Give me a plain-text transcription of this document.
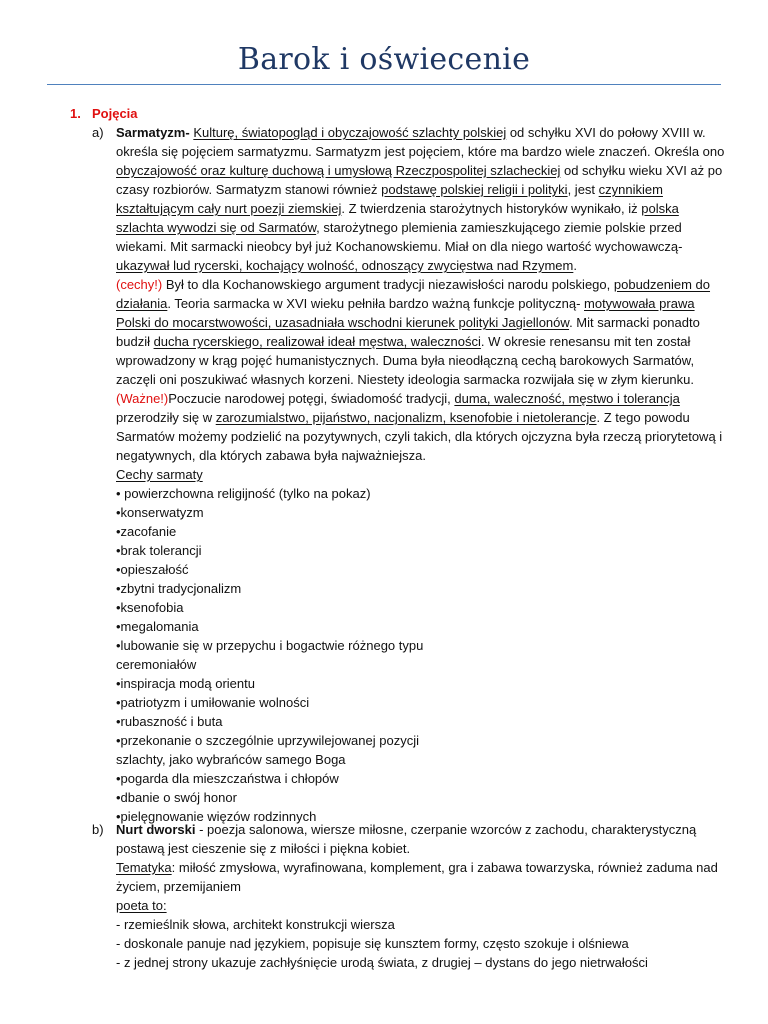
Barok i oświecenie
1. Pojęcia
a) Sarmatyzm- Kulturę, światopogląd i obyczajowość szlachty polskiej od schyłku XVI do połowy XVIII w. określa się pojęciem sarmatyzmu. Sarmatyzm jest pojęciem, które ma bardzo wiele znaczeń. Określa ono obyczajowość oraz kulturę duchową i umysłową Rzeczpospolitej szlacheckiej od schyłku wieku XVI aż po czasy rozbiorów. Sarmatyzm stanowi również podstawę polskiej religii i polityki, jest czynnikiem kształtującym cały nurt poezji ziemskiej. Z twierdzenia starożytnych historyków wynikało, iż polska szlachta wywodzi się od Sarmatów, starożytnego plemienia zamieszkującego ziemie polskie przed wiekami. Mit sarmacki nieobcy był już Kochanowskiemu. Miał on dla niego wartość wychowawczą- ukazywał lud rycerski, kochający wolność, odnoszący zwycięstwa nad Rzymem.
(cechy!) Był to dla Kochanowskiego argument tradycji niezawisłości narodu polskiego, pobudzeniem do działania. Teoria sarmacka w XVI wieku pełniła bardzo ważną funkcje polityczną- motywowała prawa Polski do mocarstwowości, uzasadniała wschodni kierunek polityki Jagiellonów. Mit sarmacki ponadto budził ducha rycerskiego, realizował ideał męstwa, waleczności. W okresie renesansu mit ten został wprowadzony w krąg pojęć humanistycznych. Duma była nieodłączną cechą barokowych Sarmatów, zaczęli oni poszukiwać własnych korzeni. Niestety ideologia sarmacka rozwijała się w złym kierunku.
(Ważne!)Poczucie narodowej potęgi, świadomość tradycji, duma, waleczność, męstwo i tolerancja przerodziły się w zarozumialstwo, pijaństwo, nacjonalizm, ksenofobie i nietolerancje. Z tego powodu Sarmatów możemy podzielić na pozytywnych, czyli takich, dla których ojczyzna była rzeczą priorytetową i negatywnych, dla których zabawa była najważniejsza.
Cechy sarmaty
• powierzchowna religijność (tylko na pokaz)
•konserwatyzm
•zacofanie
•brak tolerancji
•opieszałość
•zbytni tradycjonalizm
•ksenofobia
•megalomania
•lubowanie się w przepychu i bogactwie różnego typu ceremoniałów
•inspiracja modą orientu
•patriotyzm i umiłowanie wolności
•rubaszność i buta
•przekonanie o szczególnie uprzywilejowanej pozycji szlachty, jako wybrańców samego Boga
•pogarda dla mieszczaństwa i chłopów
•dbanie o swój honor
•pielęgnowanie więzów rodzinnych
b) Nurt dworski - poezja salonowa, wiersze miłosne, czerpanie wzorców z zachodu, charakterystyczną postawą jest cieszenie się z miłości i piękna kobiet.
Tematyka: miłość zmysłowa, wyrafinowana, komplement, gra i zabawa towarzyska, również zaduma nad życiem, przemijaniem
poeta to:
- rzemieślnik słowa, architekt konstrukcji wiersza
- doskonale panuje nad językiem, popisuje się kunsztem formy, często szokuje i olśniewa
- z jednej strony ukazuje zachłyśnięcie urodą świata, z drugiej – dystans do jego nietrwałości
